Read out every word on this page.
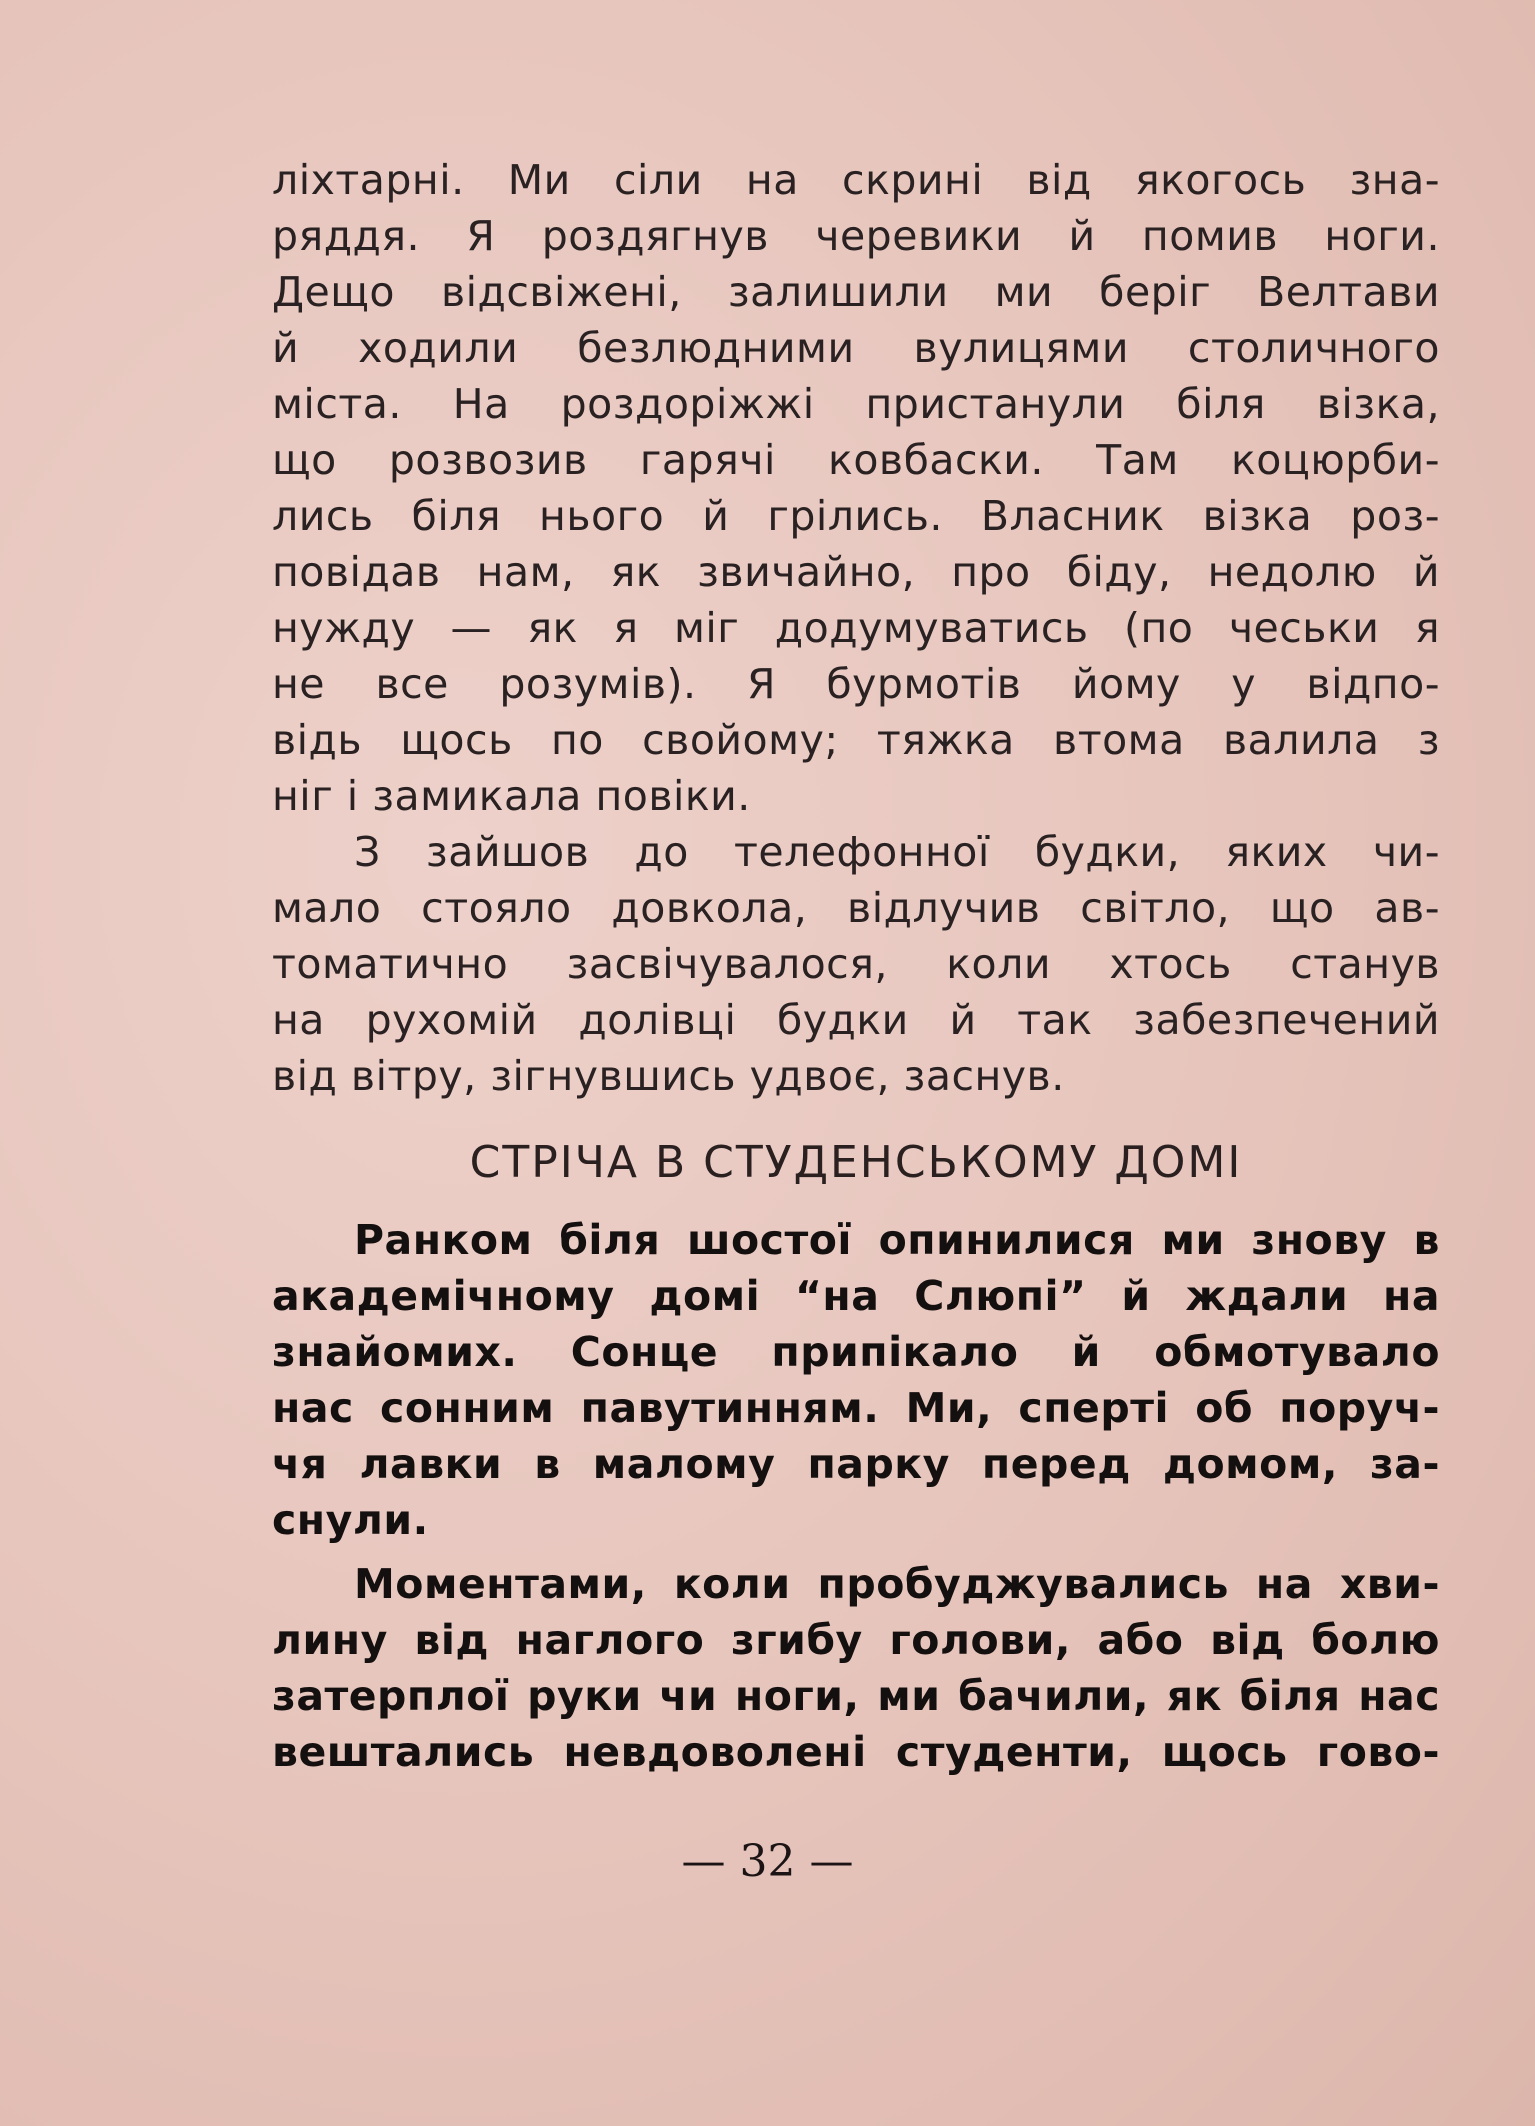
ліхтарні. Ми сіли на скрині від якогось зна-
ряддя. Я роздягнув черевики й помив ноги.
Дещо відсвіжені, залишили ми беріг Велтави
й ходили безлюдними вулицями столичного
міста. На роздоріжжі пристанули біля візка,
що розвозив гарячі ковбаски. Там коцюрби-
лись біля нього й грілись. Власник візка роз-
повідав нам, як звичайно, про біду, недолю й
нужду — як я міг додумуватись (по чеськи я
не все розумів). Я бурмотів йому у відпо-
відь щось по свойому; тяжка втома валила з
ніг і замикала повіки.
З зайшов до телефонної будки, яких чи-
мало стояло довкола, відлучив світло, що ав-
томатично засвічувалося, коли хтось станув
на рухомій долівці будки й так забезпечений
від вітру, зігнувшись удвоє, заснув.
СТРІЧА В СТУДЕНСЬКОМУ ДОМІ
Ранком біля шостої опинилися ми знову в
академічному домі “на Слюпі” й ждали на
знайомих. Сонце припікало й обмотувало
нас сонним павутинням. Ми, сперті об поруч-
чя лавки в малому парку перед домом, за-
снули.
Моментами, коли пробуджувались на хви-
лину від наглого згибу голови, або від болю
затерплої руки чи ноги, ми бачили, як біля нас
вештались невдоволені студенти, щось гово-
— 32 —
